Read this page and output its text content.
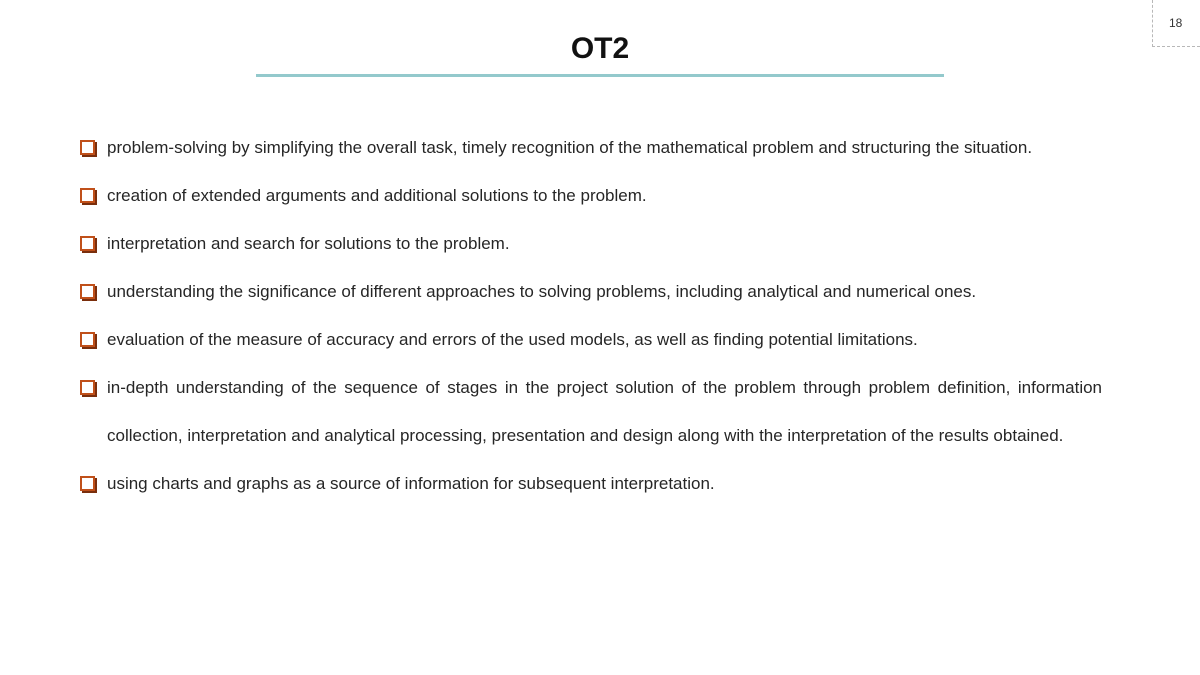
18
OT2
problem-solving by simplifying the overall task, timely recognition of the mathematical problem and structuring the situation.
creation of extended arguments and additional solutions to the problem.
interpretation and search for solutions to the problem.
understanding the significance of different approaches to solving problems, including analytical and numerical ones.
evaluation of the measure of accuracy and errors of the used models, as well as finding potential limitations.
in-depth understanding of the sequence of stages in the project solution of the problem through problem definition, information collection, interpretation and analytical processing, presentation and design along with the interpretation of the results obtained.
using charts and graphs as a source of information for subsequent interpretation.
